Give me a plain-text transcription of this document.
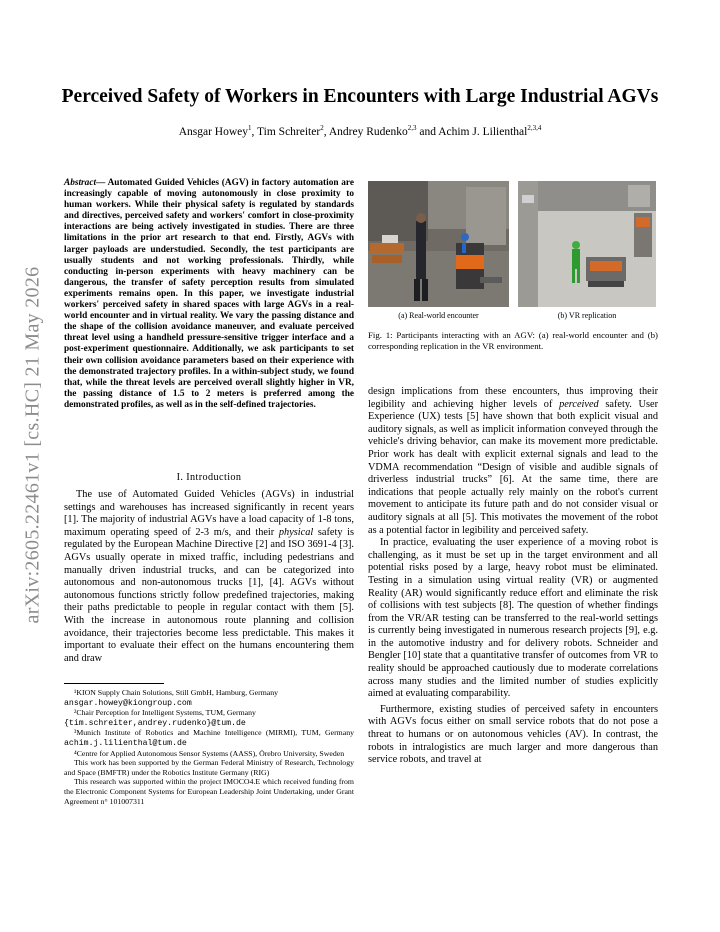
arXiv:2605.22461v1 [cs.HC] 21 May 2026
Perceived Safety of Workers in Encounters with Large Industrial AGVs
Ansgar Howey$^1$, Tim Schreiter$^2$, Andrey Rudenko$^{2,3}$ and Achim J. Lilienthal$^{2,3,4}$
Abstract— Automated Guided Vehicles (AGV) in factory automation are increasingly capable of moving autonomously in close proximity to human workers. While their physical safety is regulated by standards and directives, perceived safety and workers' comfort in close-proximity interactions are being actively investigated in studies. There are three limitations in the prior art research to that end. Firstly, AGVs with larger payloads are understudied. Secondly, the test participants are usually students and not working professionals. Thirdly, while conducting in-person experiments with heavy machinery can be dangerous, the transfer of safety perception results from simulated experiments remains open. In this paper, we investigate industrial workers' perceived safety in shared spaces with large AGVs in a real-world encounter and in virtual reality. We vary the passing distance and the shape of the collision avoidance maneuver, and evaluate perceived threat level using a handheld pressure-sensitive trigger interface and a post-experiment questionnaire. Additionally, we ask participants to set their own collision avoidance parameters based on their experience with the demonstrated trajectory profiles. In a within-subject study, we found that, while the threat levels are perceived overall slightly higher in VR, the passing distance of 1.5 to 2 meters is preferred among the demonstrated profiles, as well as in the self-defined trajectories.
I. Introduction
The use of Automated Guided Vehicles (AGVs) in industrial settings and warehouses has increased significantly in recent years [1]. The majority of industrial AGVs have a load capacity of 1-8 tons, maximum operating speed of 2-3 m/s, and their physical safety is regulated by the European Machine Directive [2] and ISO 3691-4 [3]. AGVs usually operate in mixed traffic, including pedestrians and manually driven industrial trucks, and can be categorized into autonomous and non-autonomous trucks [1], [4]. AGVs without autonomous functions strictly follow predefined trajectories, making their paths predictable to people in regular contact with them [5]. With the increase in autonomous route planning and collision avoidance, their trajectories become less predictable. This makes it important to evaluate their effect on the humans encountering them and draw

¹KION Supply Chain Solutions, Still GmbH, Hamburg, Germany
ansgar.howey@kiongroup.com

²Chair Perception for Intelligent Systems, TUM, Germany
{tim.schreiter,andrey.rudenko}@tum.de

³Munich Institute of Robotics and Machine Intelligence (MIRMI), TUM, Germany achim.j.lilienthal@tum.de

⁴Centre for Applied Autonomous Sensor Systems (AASS), Örebro University, Sweden

This work has been supported by the German Federal Ministry of Research, Technology and Space (BMFTR) under the Robotics Institute Germany (RIG)

This research was supported within the project IMOCO4.E which received funding from the Electronic Component Systems for European Leadership Joint Undertaking, under Grant Agreement n° 101007311

(a) Real-world encounter	(b) VR replication
Fig. 1: Participants interacting with an AGV: (a) real-world encounter and (b) corresponding replication in the VR environment.

design implications from these encounters, thus improving their legibility and achieving higher levels of perceived safety. User Experience (UX) tests [5] have shown that both explicit visual and auditory signals, as well as implicit information conveyed through the vehicle's driving behavior, can make its movement more predictable. Prior work has dealt with explicit external signals and lead to the VDMA recommendation “Design of visible and audible signals of driverless industrial trucks” [6]. At the same time, there are indications that people actually rely mainly on the robot's current movement to anticipate its future path and do not consider visual or auditory signals at all [5]. This motivates the movement of the robot as a potential factor in legibility and perceived safety.

In practice, evaluating the user experience of a moving robot is challenging, as it must be set up in the target environment and all potential risks posed by a large, heavy robot must be eliminated. Testing in a simulation using virtual reality (VR) or augmented Reality (AR) would significantly reduce effort and eliminate the risk of collisions with test subjects [8]. The question of whether findings from the VR/AR testing can be transferred to the real-world settings is currently being investigated in numerous research projects [9], e.g. in the automotive industry and for delivery robots. Schneider and Bengler [10] state that a quantitative transfer of outcomes from VR to reality should be approached cautiously due to moderate correlations across many studies and the limited number of studies explicitly aimed at evaluating comparability.

Furthermore, existing studies of perceived safety in encounters with AGVs focus either on small service robots that do not pose a threat to humans or on autonomous vehicles (AV). In contrast, the robots in intralogistics are much larger and more dangerous than service robots, and travel at
